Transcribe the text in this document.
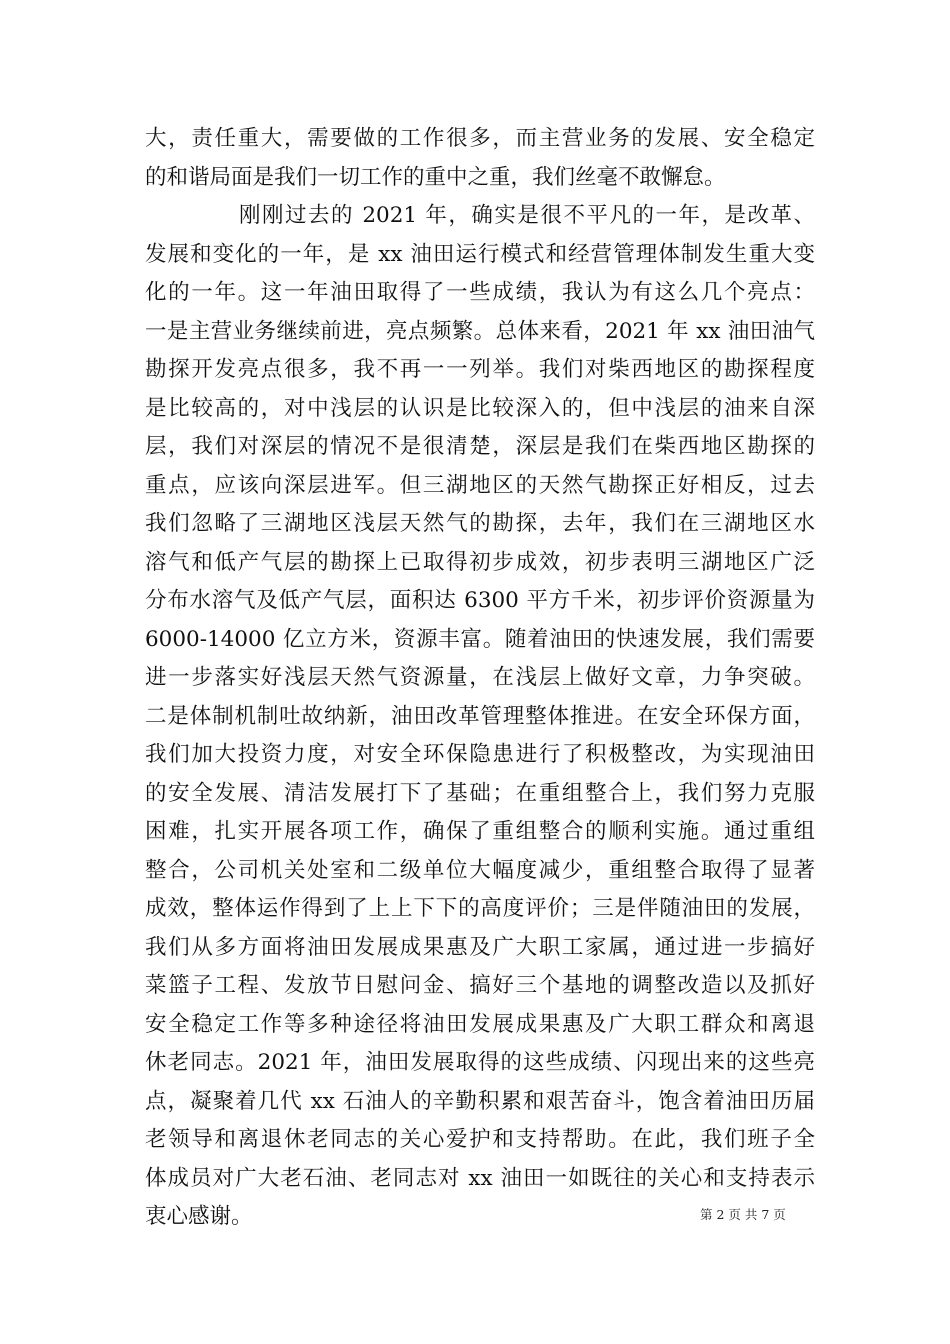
大，责任重大，需要做的工作很多，而主营业务的发展、安全稳定
的和谐局面是我们一切工作的重中之重，我们丝毫不敢懈怠。
刚刚过去的 2021 年，确实是很不平凡的一年，是改革、
发展和变化的一年，是 xx 油田运行模式和经营管理体制发生重大变
化的一年。这一年油田取得了一些成绩，我认为有这么几个亮点：
一是主营业务继续前进，亮点频繁。总体来看，2021 年 xx 油田油气
勘探开发亮点很多，我不再一一列举。我们对柴西地区的勘探程度
是比较高的，对中浅层的认识是比较深入的，但中浅层的油来自深
层，我们对深层的情况不是很清楚，深层是我们在柴西地区勘探的
重点，应该向深层进军。但三湖地区的天然气勘探正好相反，过去
我们忽略了三湖地区浅层天然气的勘探，去年，我们在三湖地区水
溶气和低产气层的勘探上已取得初步成效，初步表明三湖地区广泛
分布水溶气及低产气层，面积达 6300 平方千米，初步评价资源量为
6000-14000 亿立方米，资源丰富。随着油田的快速发展，我们需要
进一步落实好浅层天然气资源量，在浅层上做好文章，力争突破。
二是体制机制吐故纳新，油田改革管理整体推进。在安全环保方面，
我们加大投资力度，对安全环保隐患进行了积极整改，为实现油田
的安全发展、清洁发展打下了基础；在重组整合上，我们努力克服
困难，扎实开展各项工作，确保了重组整合的顺利实施。通过重组
整合，公司机关处室和二级单位大幅度减少，重组整合取得了显著
成效，整体运作得到了上上下下的高度评价；三是伴随油田的发展，
我们从多方面将油田发展成果惠及广大职工家属，通过进一步搞好
菜篮子工程、发放节日慰问金、搞好三个基地的调整改造以及抓好
安全稳定工作等多种途径将油田发展成果惠及广大职工群众和离退
休老同志。2021 年，油田发展取得的这些成绩、闪现出来的这些亮
点，凝聚着几代 xx 石油人的辛勤积累和艰苦奋斗，饱含着油田历届
老领导和离退休老同志的关心爱护和支持帮助。在此，我们班子全
体成员对广大老石油、老同志对 xx 油田一如既往的关心和支持表示
衷心感谢。	第 2 页 共 7 页
